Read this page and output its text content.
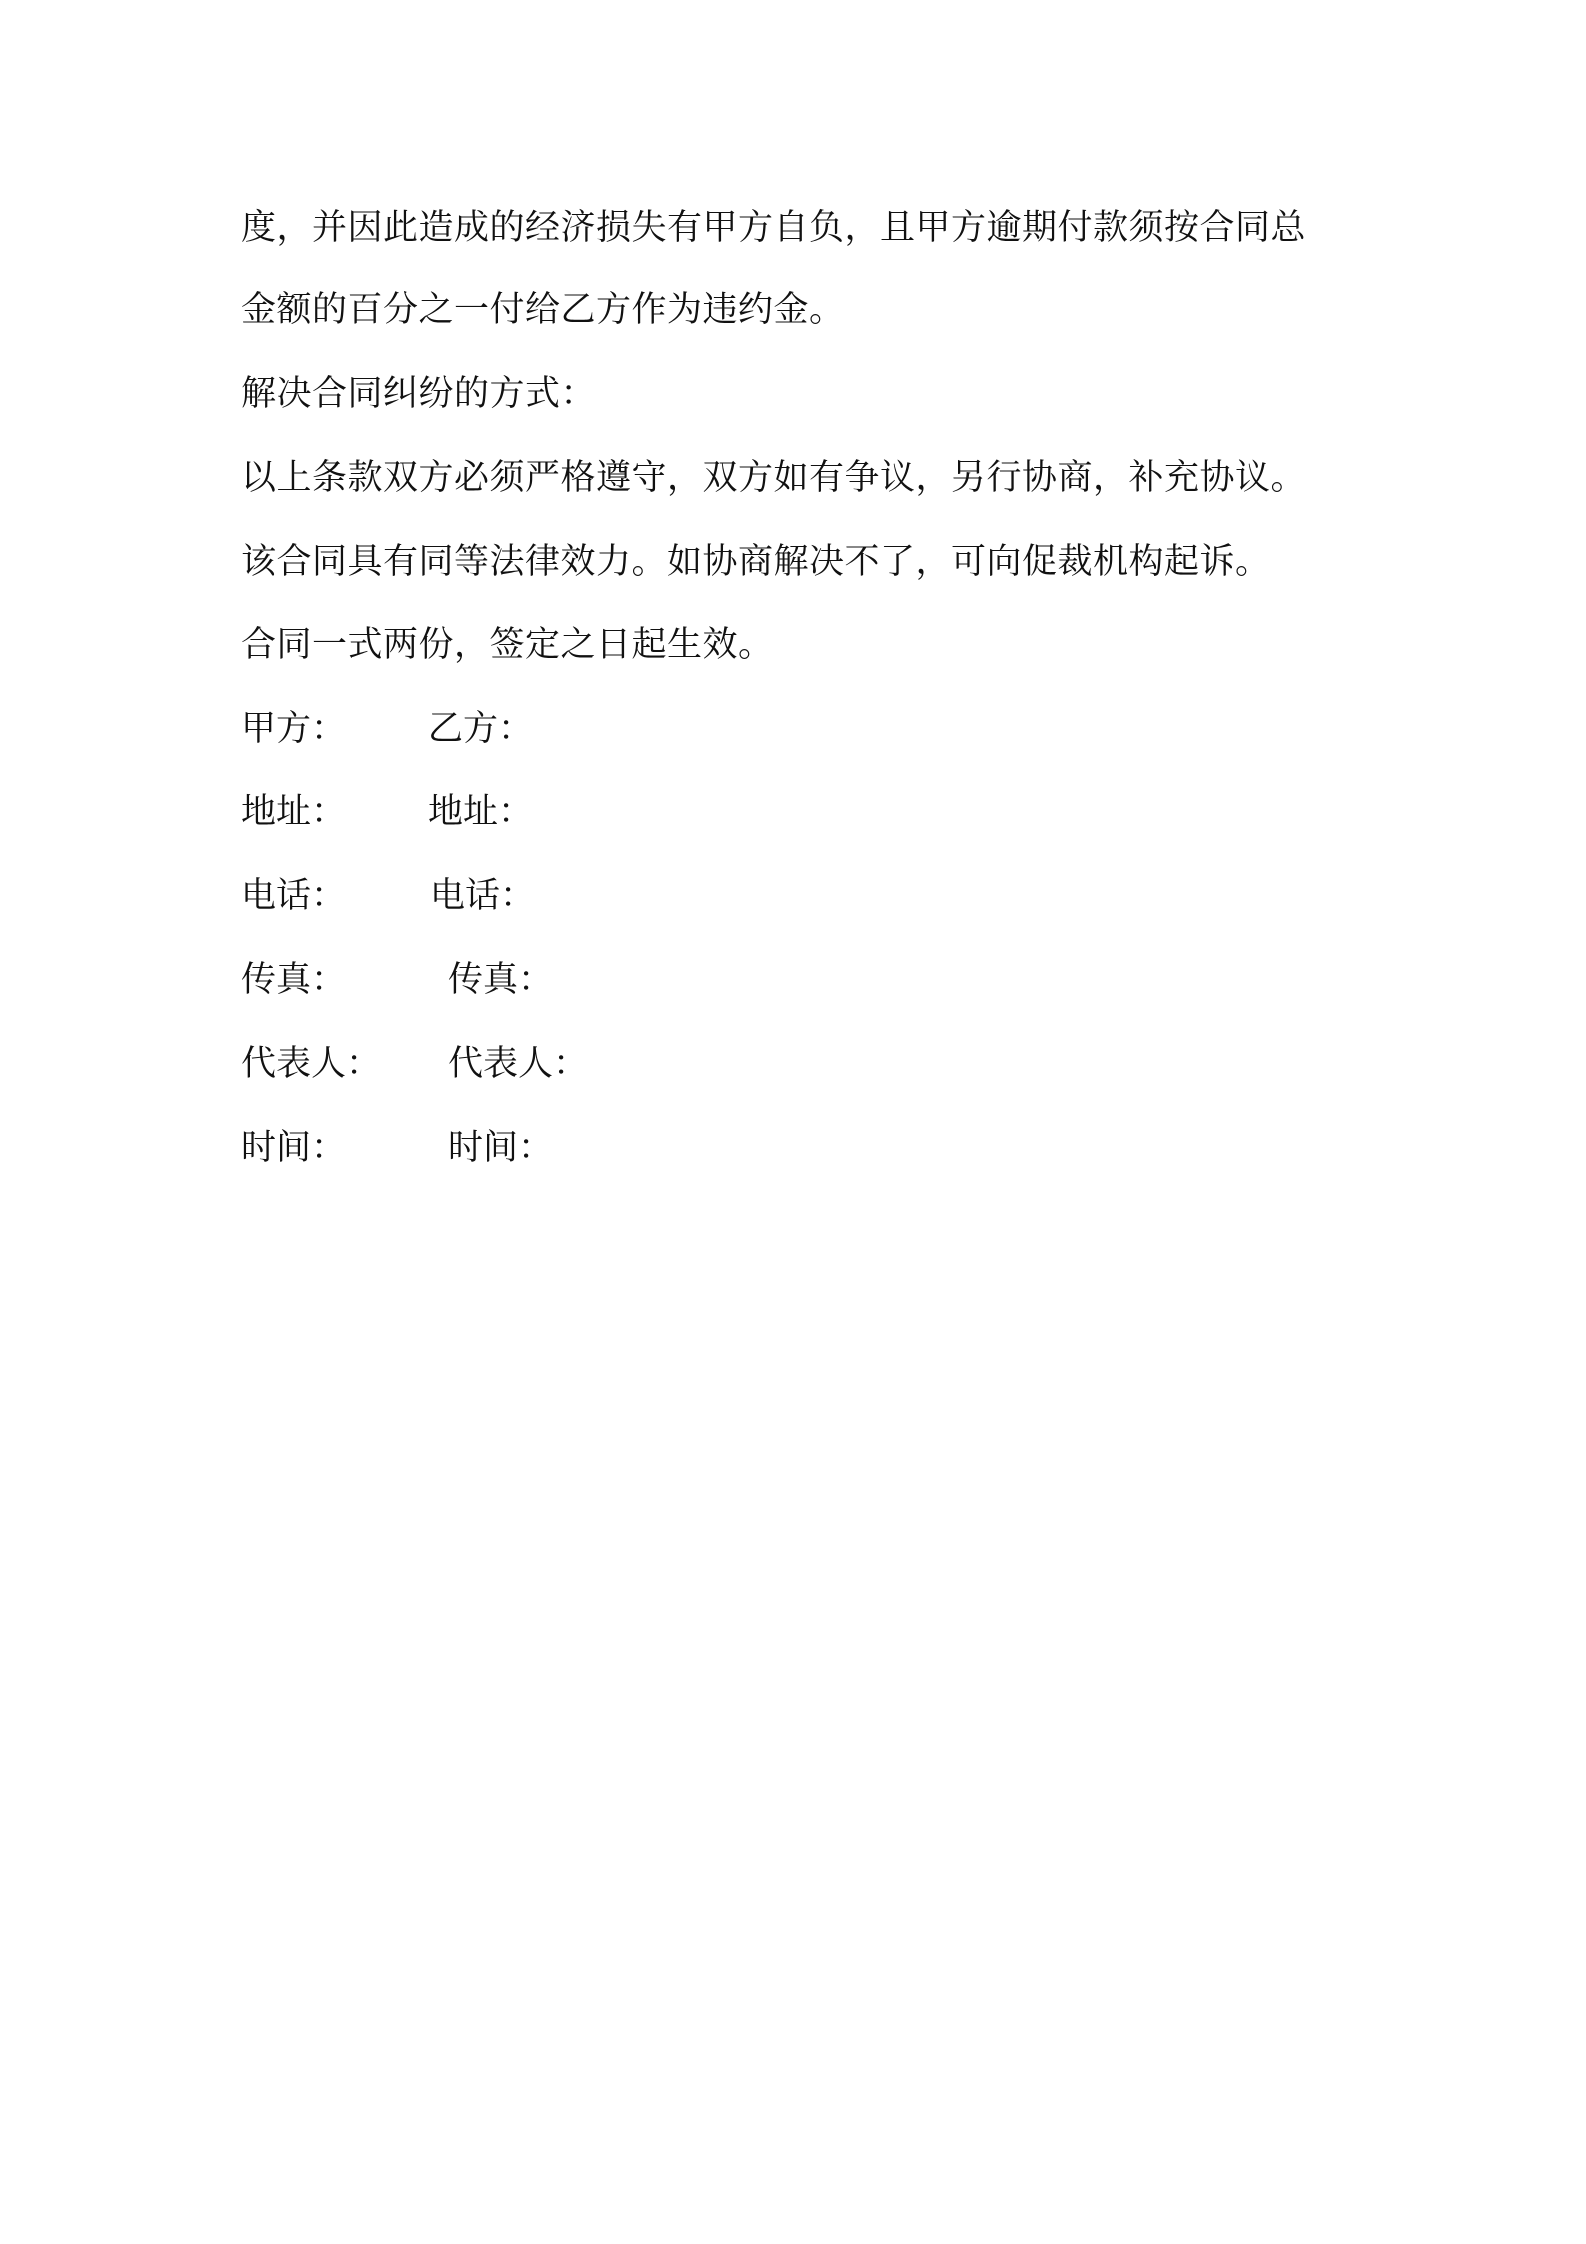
度，并因此造成的经济损失有甲方自负，且甲方逾期付款须按合同总
金额的百分之一付给乙方作为违约金。
解决合同纠纷的方式：
以上条款双方必须严格遵守，双方如有争议，另行协商，补充协议。
该合同具有同等法律效力。如协商解决不了，可向促裁机构起诉。
合同一式两份，签定之日起生效。
甲方： 乙方：
地址： 地址：
电话： 电话：
传真：	传真：
代表人： 代表人：
时间：	时间：
